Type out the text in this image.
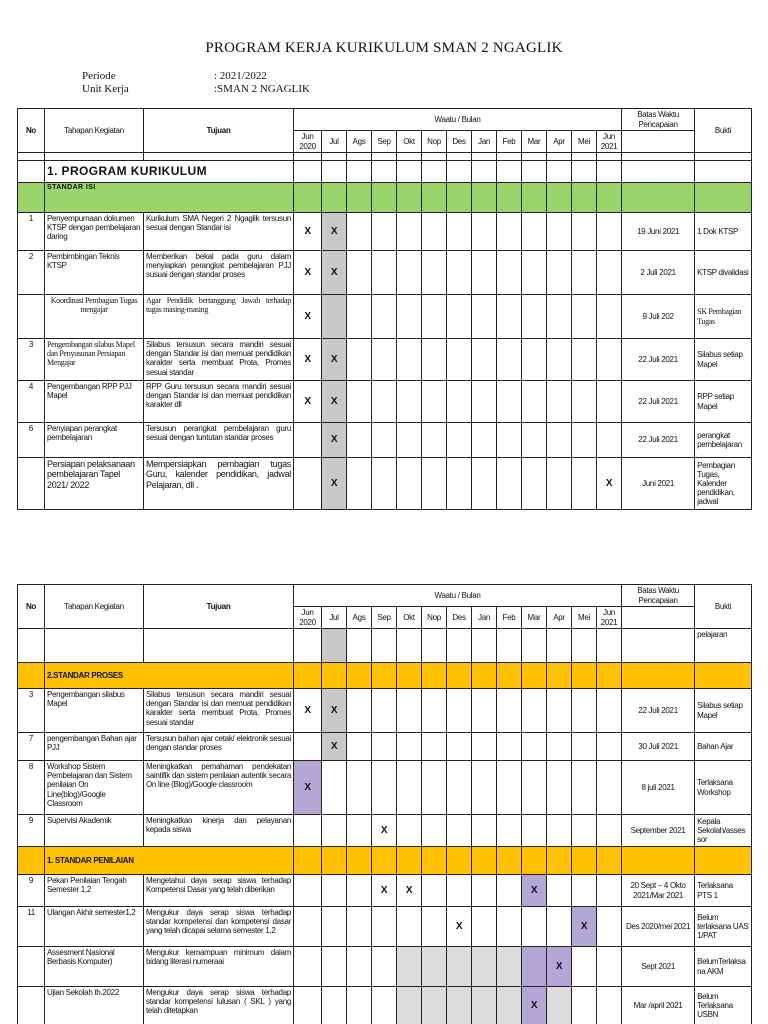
PROGRAM KERJA KURIKULUM SMAN 2 NGAGLIK
Periode	: 2021/2022
Unit Kerja	:SMAN 2 NGAGLIK
No	Tahapan Kegiatan	Tujuan	Waatu / Bulan													Batas Waktu Pencapaian	Bukti
			Jun 2020	Jul	Ags	Sep	Okt	Nop	Des	Jan	Feb	Mar	Apr	Mei	Jun 2021		

	1. PROGRAM KURIKULUM																
	STANDAR ISI																
1	Penyempurnaan dokumen KTSP dengan pembelajaran daring	Kurikulum SMA Negeri 2 Ngaglik tersusun sesuai dengan Standar isi	X	X												19 Juni 2021	1 Dok KTSP
2	Pembimbingan Teknis KTSP	Memberikan bekal pada guru dalam menyiapkan perangkat pembelajaran PJJ susuai dengan standar proses	X	X												2 Juli 2021	KTSP divalidasi
	Koordinasi Pembagian Tugas mengajar	Agar Pendidik bertanggung Jawab terhadap tugas masing-masing	X													9 Juli 202	SK Pembagian Tugas
3	Pengembangan silabus Mapel dan Penyusunan Persiapan Mengajar	Silabus tersusun secara mandiri sesuai dengan Standar isi dan memuat pendidikan karakter serta membuat Prota, Promes sesuai standar	X	X												22 Juli 2021	Silabus setiap Mapel
4	Pengembangan RPP PJJ Mapel	RPP Guru tersusun secara mandiri sesuai dengan Standar isi dan memuat pendidikan karakter dll	X	X												22 Juli 2021	RPP setiap Mapel
6	Penyiapan perangkat pembelajaran	Tersusun perangkat pembelajaran guru sesuai dengan tuntutan standar proses		X												22 Juli 2021	perangkat pembelajaran
	Persiapan pelaksanaan pembelajaran Tapel 2021/ 2022	Mempersiapkan pembagian tugas Guru, kalender pendidikan, jadwal Pelajaran, dll .		X											X	Juni 2021	Pembagian Tugas, Kalender pendidikan, jadwal
No	Tahapan Kegiatan	Tujuan	Waatu / Bulan													Batas Waktu Pencapaian	Bukti
			Jun 2020	Jul	Ags	Sep	Okt	Nop	Des	Jan	Feb	Mar	Apr	Mei	Jun 2021		
																	pelajaran
	2.STANDAR PROSES																
3	Pengembangan silabus Mapel	Silabus tersusun secara mandiri sesuai dengan Standar isi dan memuat pendidikan karakter serta membuat Prota, Promes sesuai standar	X	X												22 Juli 2021	Silabus setiap Mapel
7	pengembangan Bahan ajar PJJ	Tersusun bahan ajar cetak/ elektronik sesuai dengan standar proses		X												30 Juli 2021	Bahan Ajar
8	Workshop Sistem Pembelajaran dan Sistem penilaian On Line(blog)/Google Classroom	Meningkatkan pemahaman pendekatan saintifik dan sistem penilaian autentik secara On line (Blog)/Google classroom	X													8 juli 2021	Terlaksana Workshop
9	Supervisi Akademik	Meningkatkan kinerja dan pelayanan kepada siswa				X										September 2021	Kepala Sekolah/asses sor
	1. STANDAR PENILAIAN																
9	Pekan Penilaian Tengah Semester 1,2	Mengetahui daya serap siswa terhadap Kompetensi Dasar yang telah diberikan				X	X					X				20 Sept – 4 Okto 2021/Mar 2021	Terlaksana PTS 1
11	Ulangan Akhir semester1,2	Mengukur daya serap siswa terhadap standar kompetensi dan kompetensi dasar yang telah dicapai selama semester 1,2							X					X		Des 2020/mei 2021	Belum terlaksana UAS 1/PAT
	Assesment Nasional Berbasis Komputer)	Mengukur kemampuan minimum dalam bidang literasi numeraai											X			Sept 2021	BelumTerlaksa na AKM
	Ujian Sekolah th.2022	Mengukur daya serap siswa terhadap standar kompetensi lulusan ( SKL ) yang telah ditetapkan										X				Mar /april 2021	Belum Terlaksana USBN
